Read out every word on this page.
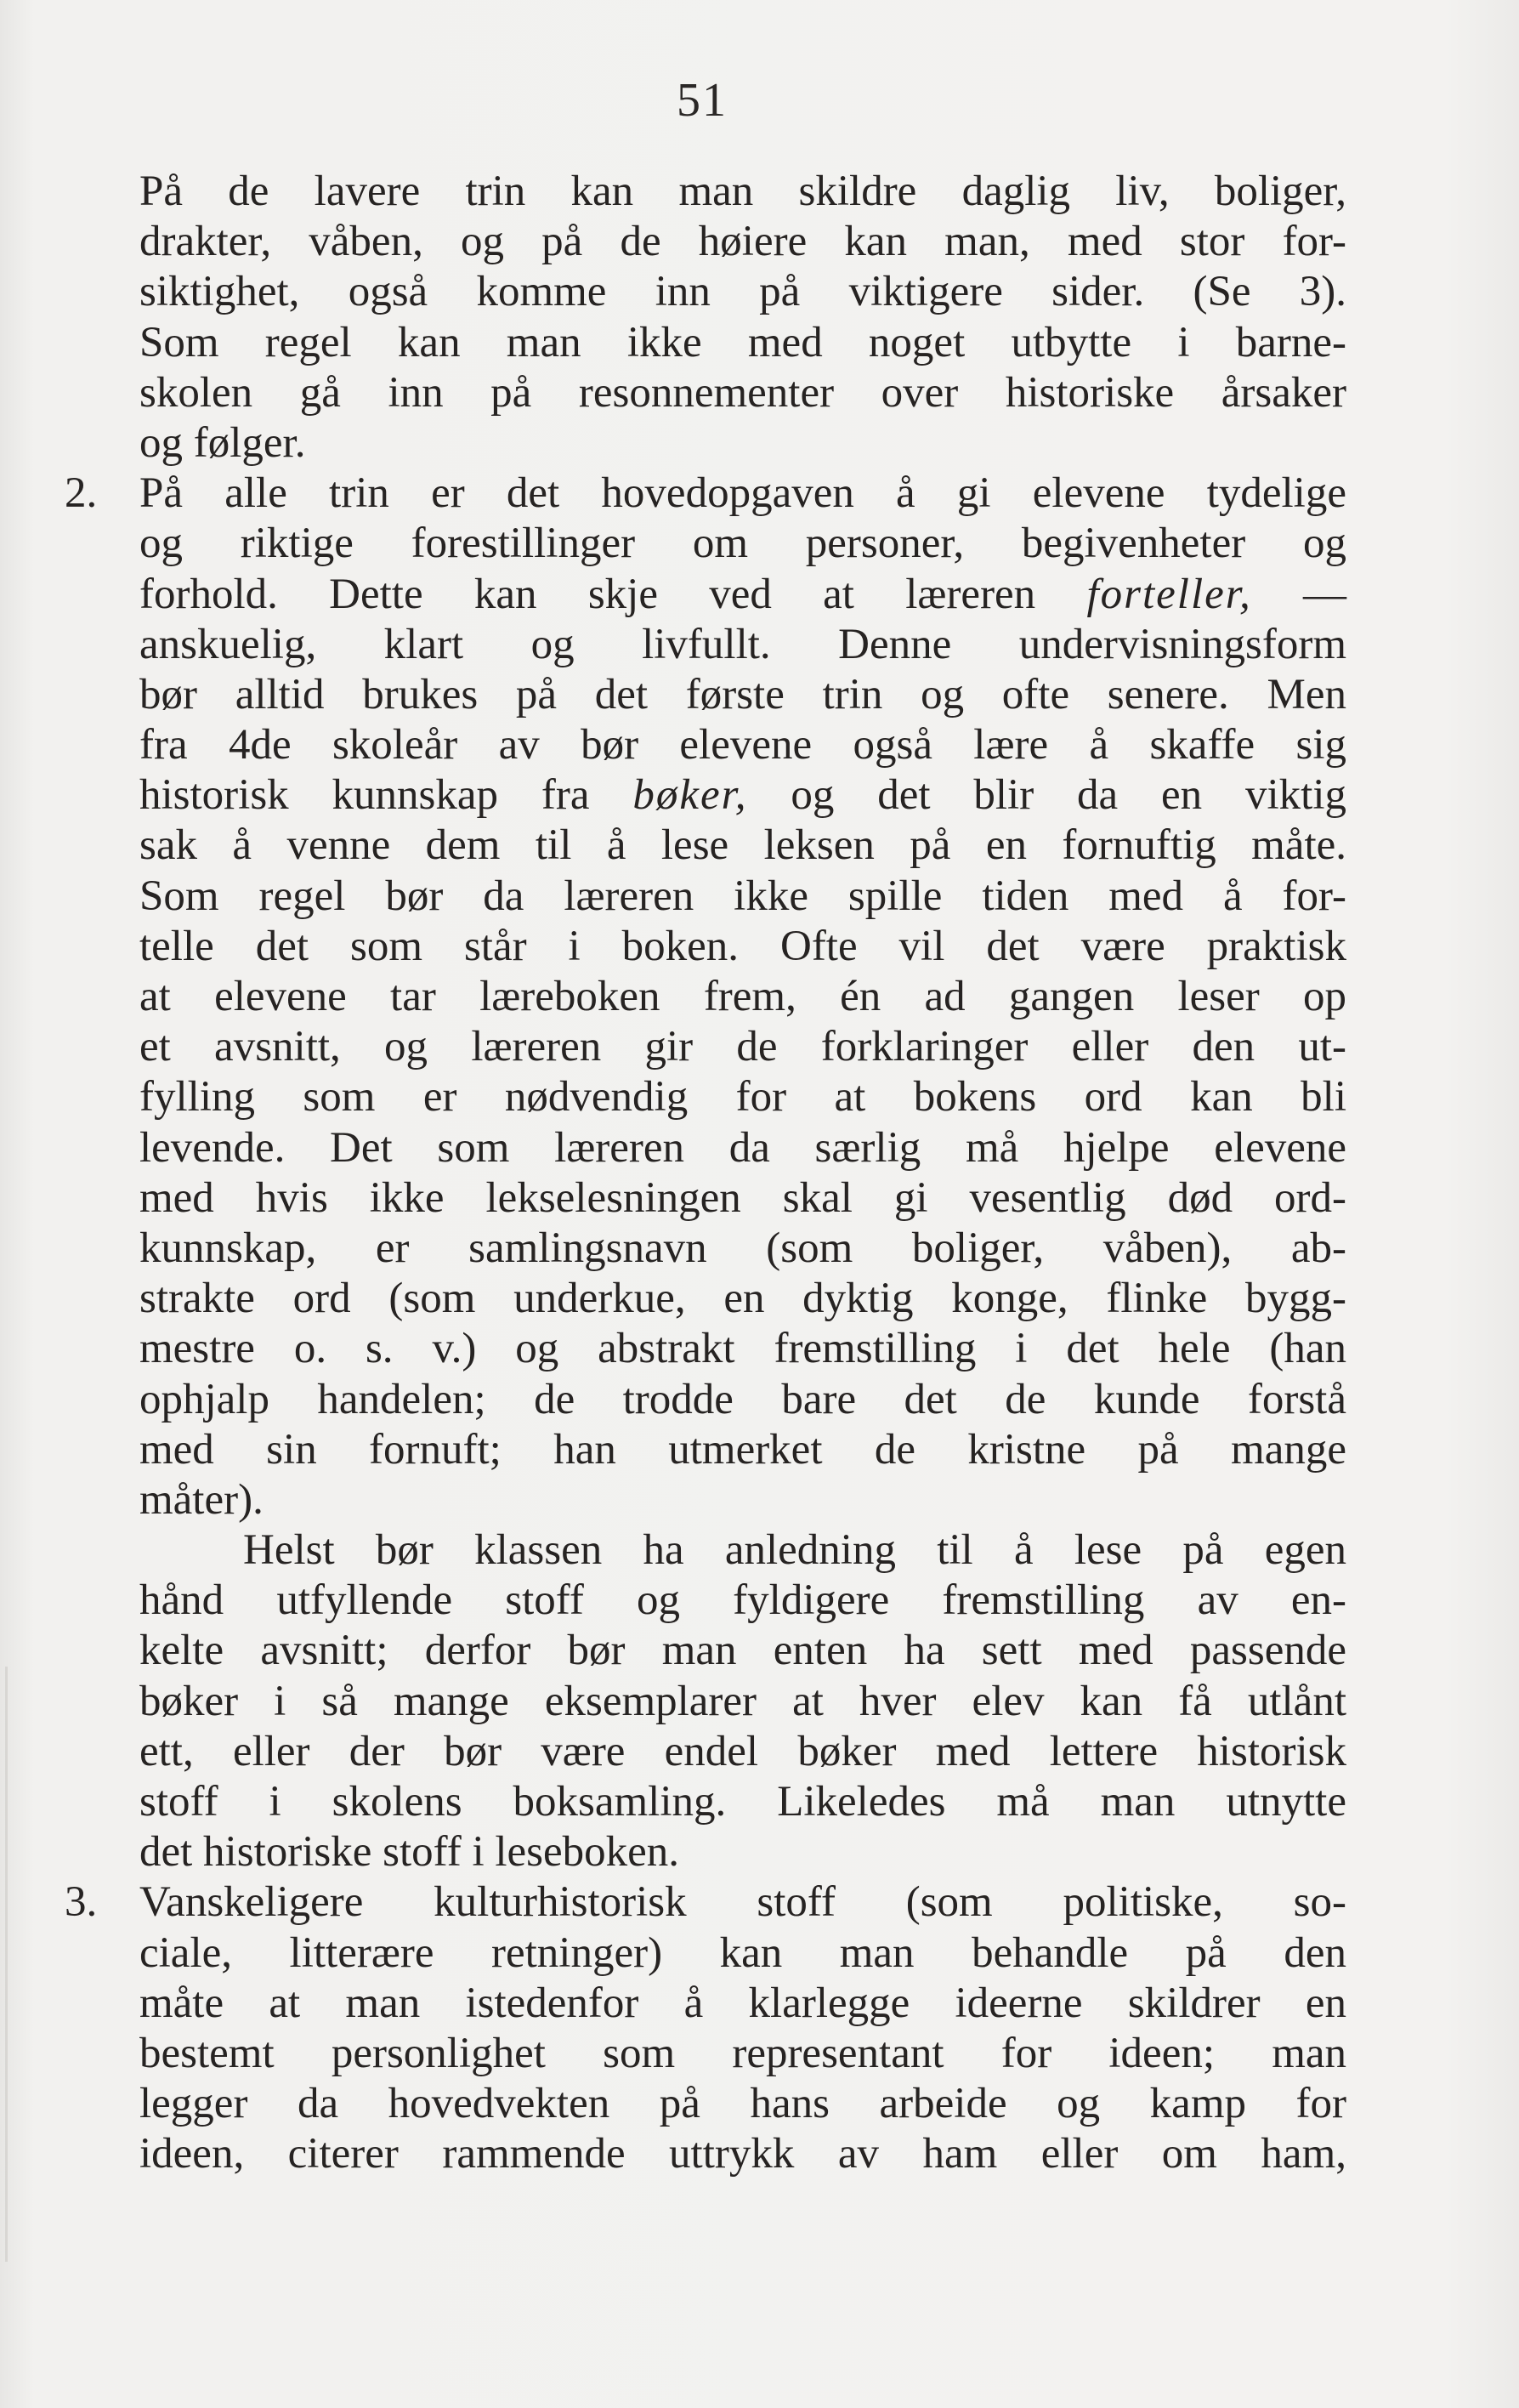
51
På de lavere trin kan man skildre daglig liv, boliger,
drakter, våben, og på de høiere kan man, med stor for-
siktighet, også komme inn på viktigere sider. (Se 3).
Som regel kan man ikke med noget utbytte i barne-
skolen gå inn på resonnementer over historiske årsaker
og følger.
2. På alle trin er det hovedopgaven å gi elevene tydelige
og riktige forestillinger om personer, begivenheter og
forhold. Dette kan skje ved at læreren forteller, —
anskuelig, klart og livfullt. Denne undervisningsform
bør alltid brukes på det første trin og ofte senere. Men
fra 4de skoleår av bør elevene også lære å skaffe sig
historisk kunnskap fra bøker, og det blir da en viktig
sak å venne dem til å lese leksen på en fornuftig måte.
Som regel bør da læreren ikke spille tiden med å for-
telle det som står i boken. Ofte vil det være praktisk
at elevene tar læreboken frem, én ad gangen leser op
et avsnitt, og læreren gir de forklaringer eller den ut-
fylling som er nødvendig for at bokens ord kan bli
levende. Det som læreren da særlig må hjelpe elevene
med hvis ikke lekselesningen skal gi vesentlig død ord-
kunnskap, er samlingsnavn (som boliger, våben), ab-
strakte ord (som underkue, en dyktig konge, flinke bygg-
mestre o. s. v.) og abstrakt fremstilling i det hele (han
ophjalp handelen; de trodde bare det de kunde forstå
med sin fornuft; han utmerket de kristne på mange
måter).
Helst bør klassen ha anledning til å lese på egen
hånd utfyllende stoff og fyldigere fremstilling av en-
kelte avsnitt; derfor bør man enten ha sett med passende
bøker i så mange eksemplarer at hver elev kan få utlånt
ett, eller der bør være endel bøker med lettere historisk
stoff i skolens boksamling. Likeledes må man utnytte
det historiske stoff i leseboken.
3. Vanskeligere kulturhistorisk stoff (som politiske, so-
ciale, litterære retninger) kan man behandle på den
måte at man istedenfor å klarlegge ideerne skildrer en
bestemt personlighet som representant for ideen; man
legger da hovedvekten på hans arbeide og kamp for
ideen, citerer rammende uttrykk av ham eller om ham,
